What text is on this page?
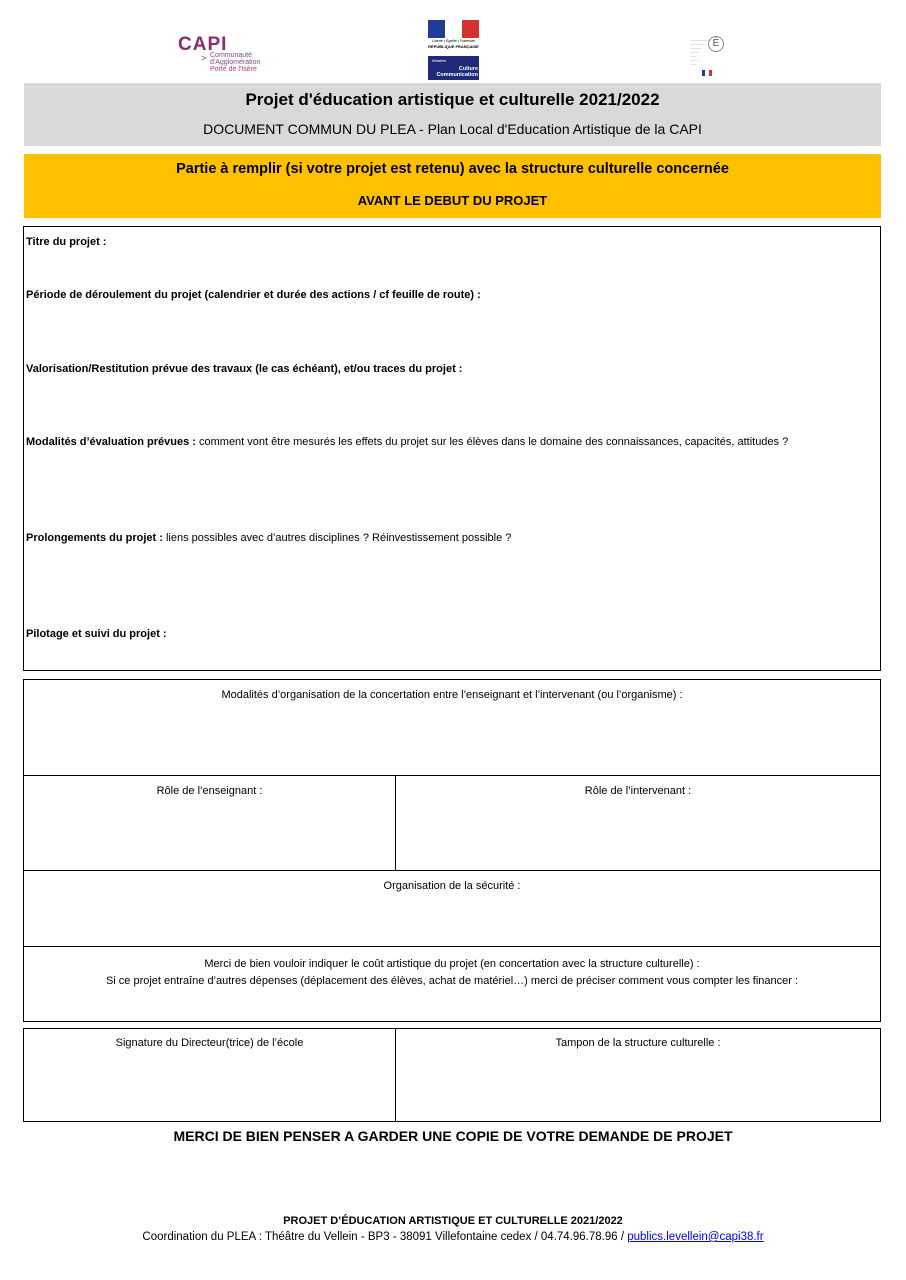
CAPI
> Communauté
d'Agglomération
Porte de l'Isère
Liberté • Égalité • Fraternité
RÉPUBLIQUE FRANÇAISE
Ministère
Culture
Communication
———————
—————
————
———
——
———
——
É
Projet d'éducation artistique et culturelle 2021/2022
DOCUMENT COMMUN DU PLEA - Plan Local d'Education Artistique de la CAPI
Partie à remplir (si votre projet est retenu) avec la structure culturelle concernée
AVANT LE DEBUT DU PROJET
Titre du projet :
Période de déroulement du projet (calendrier et durée des actions / cf feuille de route) :
Valorisation/Restitution prévue des travaux (le cas échéant), et/ou traces du projet :
Modalités d’évaluation prévues : comment vont être mesurés les effets du projet sur les élèves dans le domaine des connaissances, capacités, attitudes ?
Prolongements du projet : liens possibles avec d’autres disciplines ? Réinvestissement possible ?
Pilotage et suivi du projet :
Modalités d’organisation de la concertation entre l’enseignant et l’intervenant (ou l’organisme) :
Rôle de l’enseignant :	Rôle de l’intervenant :
Organisation de la sécurité :
Merci de bien vouloir indiquer le coût artistique du projet (en concertation avec la structure culturelle) :
Si ce projet entraîne d’autres dépenses (déplacement des élèves, achat de matériel…) merci de préciser comment vous compter les financer :
Signature du Directeur(trice) de l’école	Tampon de la structure culturelle :
MERCI DE BIEN PENSER A GARDER UNE COPIE DE VOTRE DEMANDE DE PROJET
PROJET D’ÉDUCATION ARTISTIQUE ET CULTURELLE 2021/2022
Coordination du PLEA : Théâtre du Vellein - BP3 - 38091 Villefontaine cedex / 04.74.96.78.96 / publics.levellein@capi38.fr
